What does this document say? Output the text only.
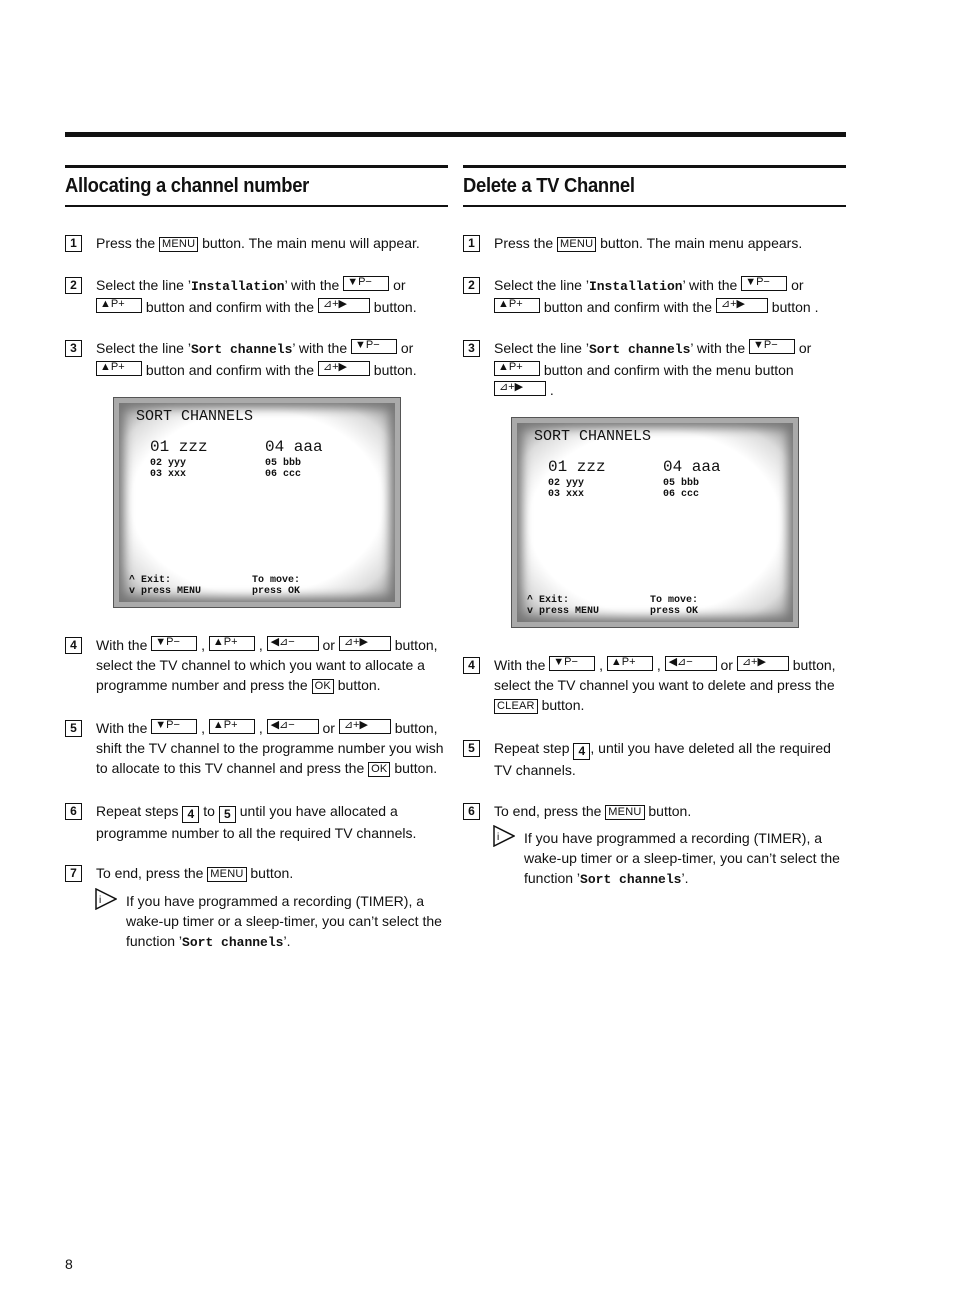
Allocating a channel number
1	Press the MENU button. The main menu will appear.
2	Select the line ’Installation’ with the ▼P− or

▲P+ button and confirm with the ⊿+▶ button.
3	Select the line ’Sort channels’ with the ▼P− or

▲P+ button and confirm with the ⊿+▶ button.
SORT CHANNELS
01 zzz
02 yyy
03 xxx
04 aaa
05 bbb
06 ccc
^ Exit:
v press MENU
To move:
press OK
4	With the ▼P− , ▲P+ , ◀⊿− or ⊿+▶ button,
select the TV channel to which you want to allocate a programme number and press the OK button.
5	With the ▼P− , ▲P+ , ◀⊿− or ⊿+▶ button,
shift the TV channel to the programme number you wish to allocate to this TV channel and press the OK button.
6	Repeat steps 4 to 5 until you have allocated a programme number to all the required TV channels.
7	To end, press the MENU button.
i If you have programmed a recording (TIMER), a wake-up timer or a sleep-timer, you can’t select the function ’Sort channels’.
Delete a TV Channel
1	Press the MENU button. The main menu appears.
2	Select the line ’Installation’ with the ▼P− or

▲P+ button and confirm with the ⊿+▶ button .
3	Select the line ’Sort channels’ with the ▼P− or

▲P+ button and confirm with the menu button

⊿+▶ .
SORT CHANNELS
01 zzz
02 yyy
03 xxx
04 aaa
05 bbb
06 ccc
^ Exit:
v press MENU
To move:
press OK
4	With the ▼P− , ▲P+ , ◀⊿− or ⊿+▶ button,
select the TV channel you want to delete and press the
CLEAR button.
5	Repeat step 4 , until you have deleted all the required TV channels.
6	To end, press the MENU button.
i If you have programmed a recording (TIMER), a wake-up timer or a sleep-timer, you can’t select the function ’Sort channels’.
8
